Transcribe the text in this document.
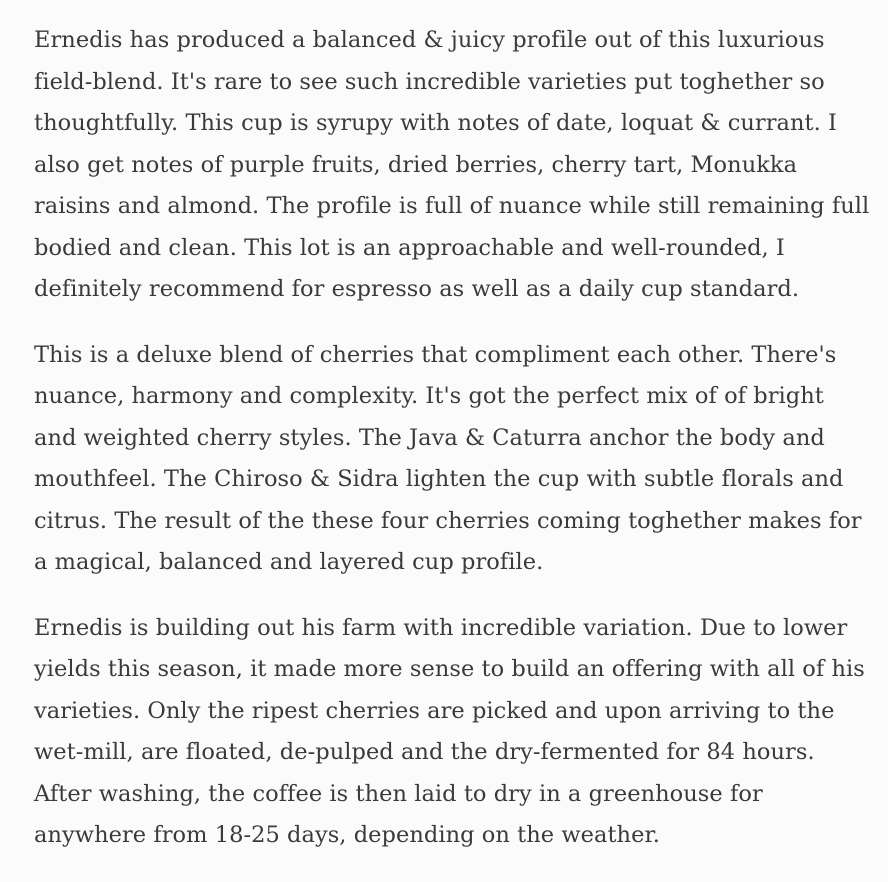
Ernedis has produced a balanced & juicy profile out of this luxurious field-blend. It's rare to see such incredible varieties put toghether so thoughtfully. This cup is syrupy with notes of date, loquat & currant. I also get notes of purple fruits, dried berries, cherry tart, Monukka raisins and almond. The profile is full of nuance while still remaining full bodied and clean. This lot is an approachable and well-rounded, I definitely recommend for espresso as well as a daily cup standard.

This is a deluxe blend of cherries that compliment each other. There's nuance, harmony and complexity. It's got the perfect mix of of bright and weighted cherry styles. The Java & Caturra anchor the body and mouthfeel. The Chiroso & Sidra lighten the cup with subtle florals and citrus. The result of the these four cherries coming toghether makes for a magical, balanced and layered cup profile.

Ernedis is building out his farm with incredible variation. Due to lower yields this season, it made more sense to build an offering with all of his varieties. Only the ripest cherries are picked and upon arriving to the wet-mill, are floated, de-pulped and the dry-fermented for 84 hours. After washing, the coffee is then laid to dry in a greenhouse for anywhere from 18-25 days, depending on the weather.
